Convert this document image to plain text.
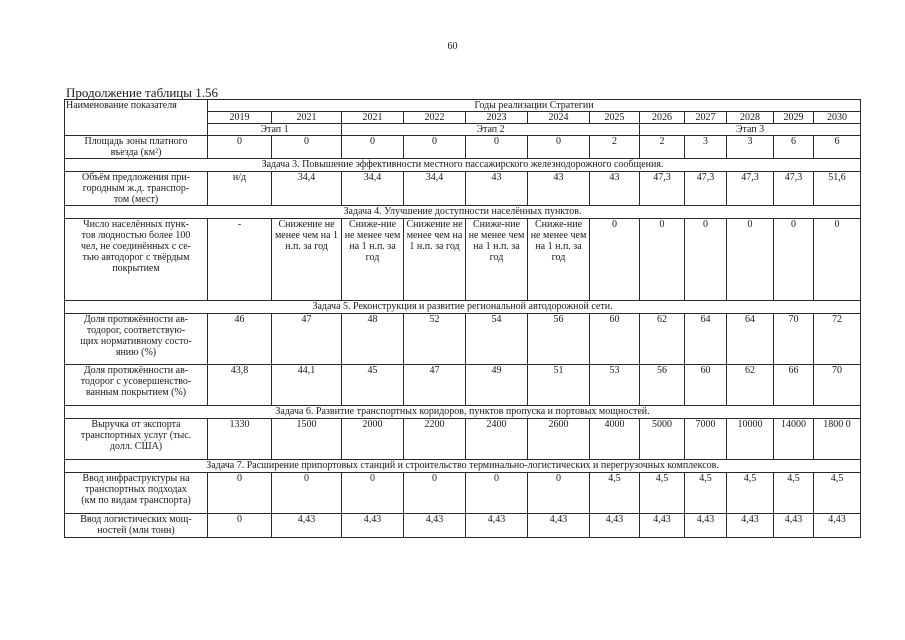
60
Продолжение таблицы 1.56
Наименование показателя	Годы реализации Стратегии											
	2019	2021	2021	2022	2023	2024	2025	2026	2027	2028	2029	2030
	Этап 1		Этап 2					Этап 3				

Площадь зоны платного
въезда (км²)	0	0	0	0	0	0	2	2	3	3	6	6
Задача 3. Повышение эффективности местного пассажирского железнодорожного сообщения.												

Объём предложения при-
городным ж.д. транспор-
том (мест)	н/д	34,4	34,4	34,4	43	43	43	47,3	47,3	47,3	47,3	51,6
Задача 4. Улучшение доступности населённых пунктов.												

Число населённых пунк-
тов людностью более 100
чел, не соединённых с се-
тью автодорог с твёрдым
покрытием	-	Снижение не менее чем на 1 н.п. за год	Сниже-ние не менее чем на 1 н.п. за год	Снижение не менее чем на 1 н.п. за год	Сниже-ние не менее чем на 1 н.п. за год	Сниже-ние не менее чем на 1 н.п. за год	0	0	0	0	0	0
Задача 5. Реконструкция и развитие региональной автодорожной сети.												

Доля протяжённости ав-
тодорог, соответствую-
щих нормативному состо-
янию (%)	46	47	48	52	54	56	60	62	64	64	70	72

Доля протяжённости ав-
тодорог с усовершенство-
ванным покрытием (%)	43,8	44,1	45	47	49	51	53	56	60	62	66	70
Задача 6. Развитие транспортных коридоров, пунктов пропуска и портовых мощностей.												

Выручка от экспорта
транспортных услуг (тыс.
долл. США)	1330	1500	2000	2200	2400	2600	4000	5000	7000	10000	14000	1800 0
Задача 7. Расширение припортовых станций и строительство терминально-логистических и перегрузочных комплексов.												

Ввод инфраструктуры на
транспортных подходах
(км по видам транспорта)	0	0	0	0	0	0	4,5	4,5	4,5	4,5	4,5	4,5

Ввод логистических мощ-
ностей (млн тонн)	0	4,43	4,43	4,43	4,43	4,43	4,43	4,43	4,43	4,43	4,43	4,43
